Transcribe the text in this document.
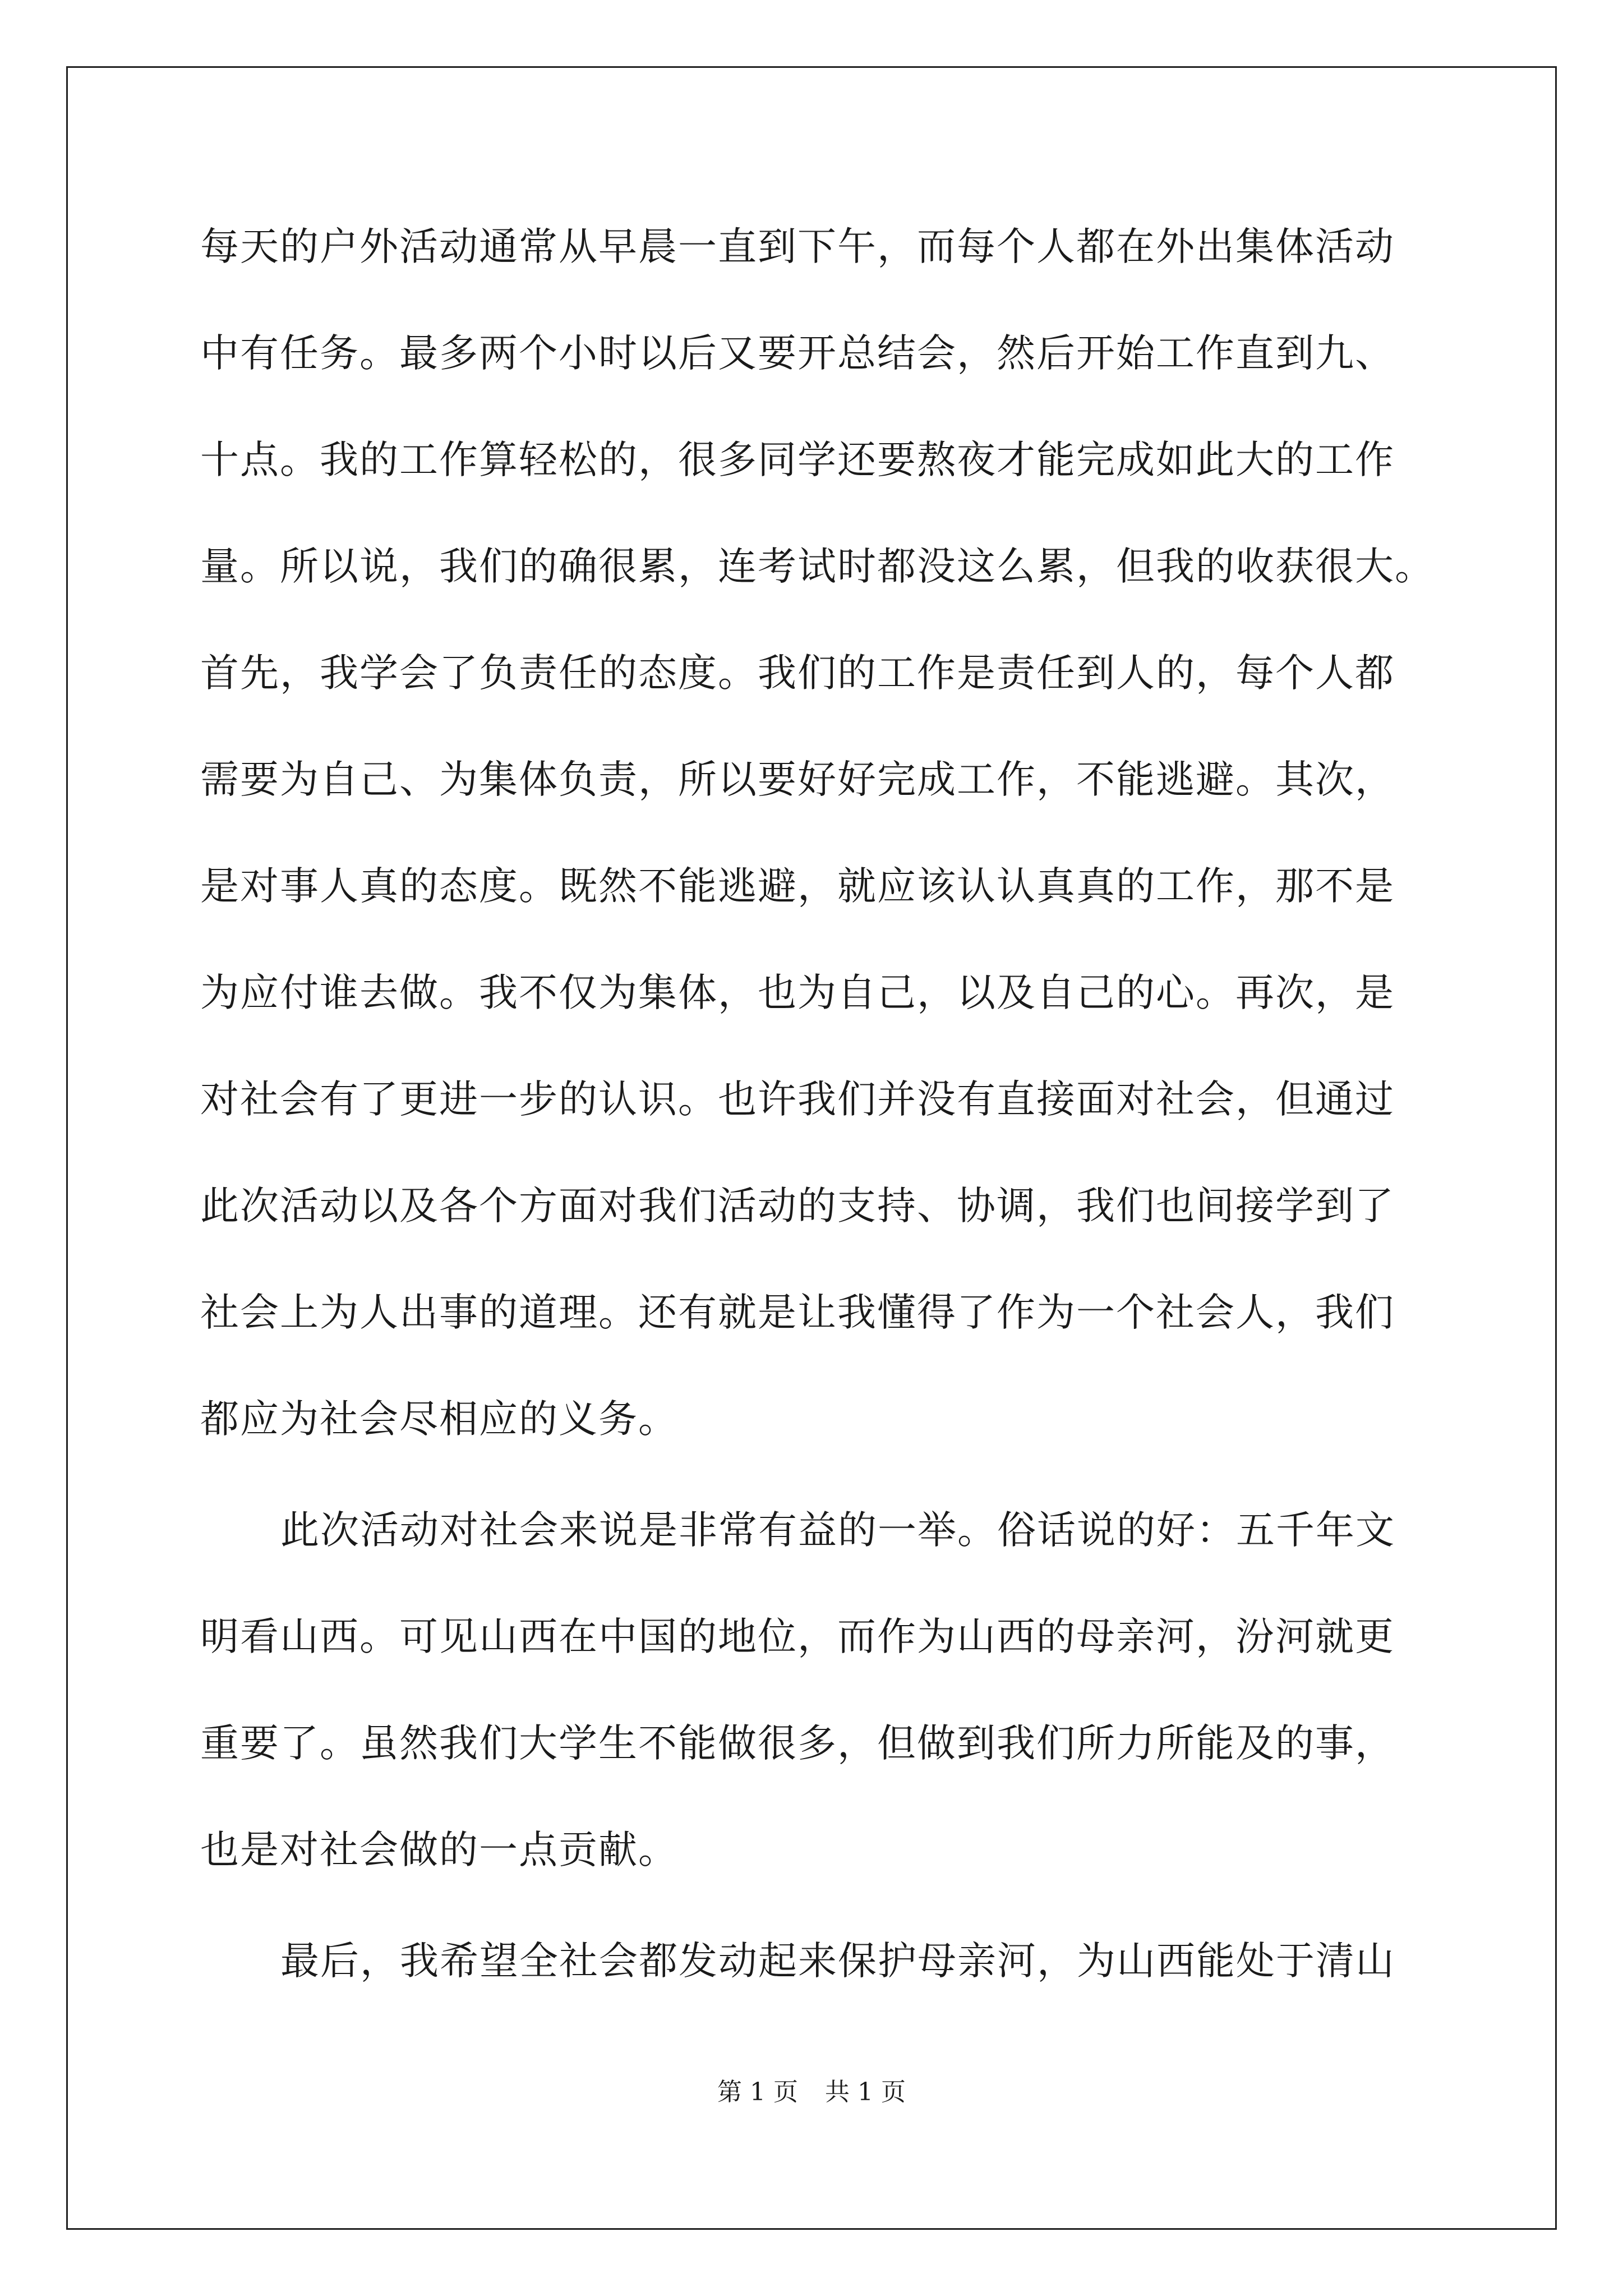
每天的户外活动通常从早晨一直到下午，而每个人都在外出集体活动
中有任务。最多两个小时以后又要开总结会，然后开始工作直到九、
十点。我的工作算轻松的，很多同学还要熬夜才能完成如此大的工作
量。所以说，我们的确很累，连考试时都没这么累，但我的收获很大。
首先，我学会了负责任的态度。我们的工作是责任到人的，每个人都
需要为自己、为集体负责，所以要好好完成工作，不能逃避。其次，
是对事人真的态度。既然不能逃避，就应该认认真真的工作，那不是
为应付谁去做。我不仅为集体，也为自己，以及自己的心。再次，是
对社会有了更进一步的认识。也许我们并没有直接面对社会，但通过
此次活动以及各个方面对我们活动的支持、协调，我们也间接学到了
社会上为人出事的道理。还有就是让我懂得了作为一个社会人，我们
都应为社会尽相应的义务。
此次活动对社会来说是非常有益的一举。俗话说的好：五千年文
明看山西。可见山西在中国的地位，而作为山西的母亲河，汾河就更
重要了。虽然我们大学生不能做很多，但做到我们所力所能及的事，
也是对社会做的一点贡献。
最后，我希望全社会都发动起来保护母亲河，为山西能处于清山
第 1 页 共 1 页
